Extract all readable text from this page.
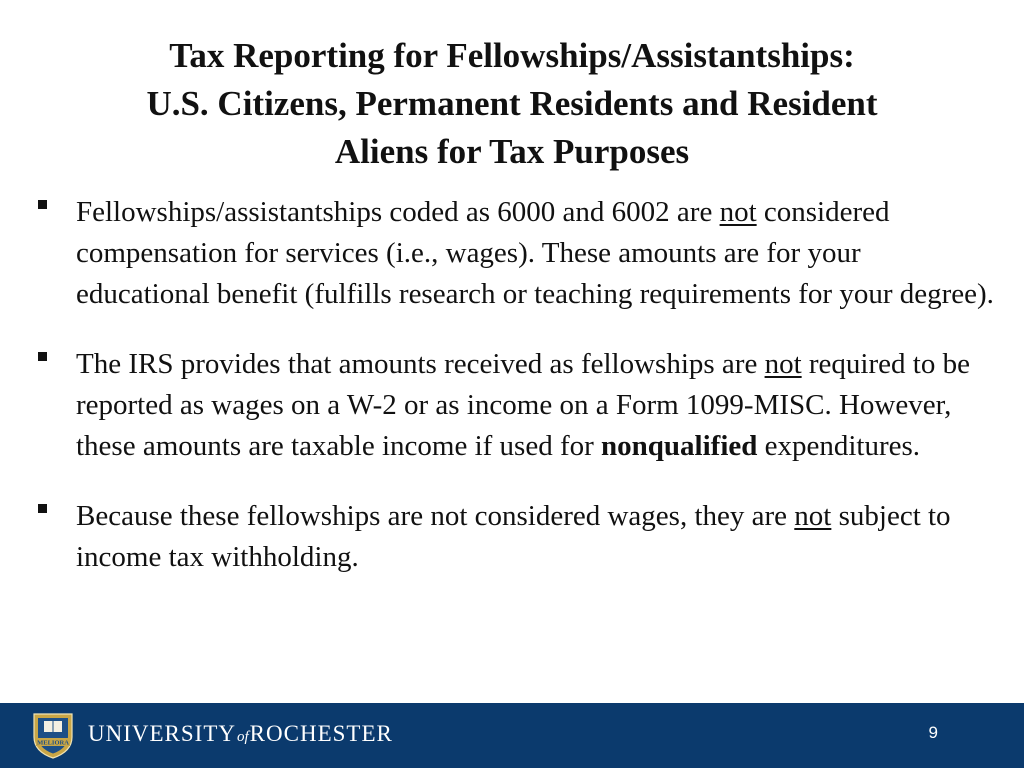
Tax Reporting for Fellowships/Assistantships:
U.S. Citizens, Permanent Residents and Resident
Aliens for Tax Purposes
Fellowships/assistantships coded as 6000 and 6002 are not considered compensation for services (i.e., wages). These amounts are for your educational benefit (fulfills research or teaching requirements for your degree).
The IRS provides that amounts received as fellowships are not required to be reported as wages on a W-2 or as income on a Form 1099-MISC. However, these amounts are taxable income if used for nonqualified expenditures.
Because these fellowships are not considered wages, they are not subject to income tax withholding.
MELIORA UNIVERSITYofROCHESTER	9
